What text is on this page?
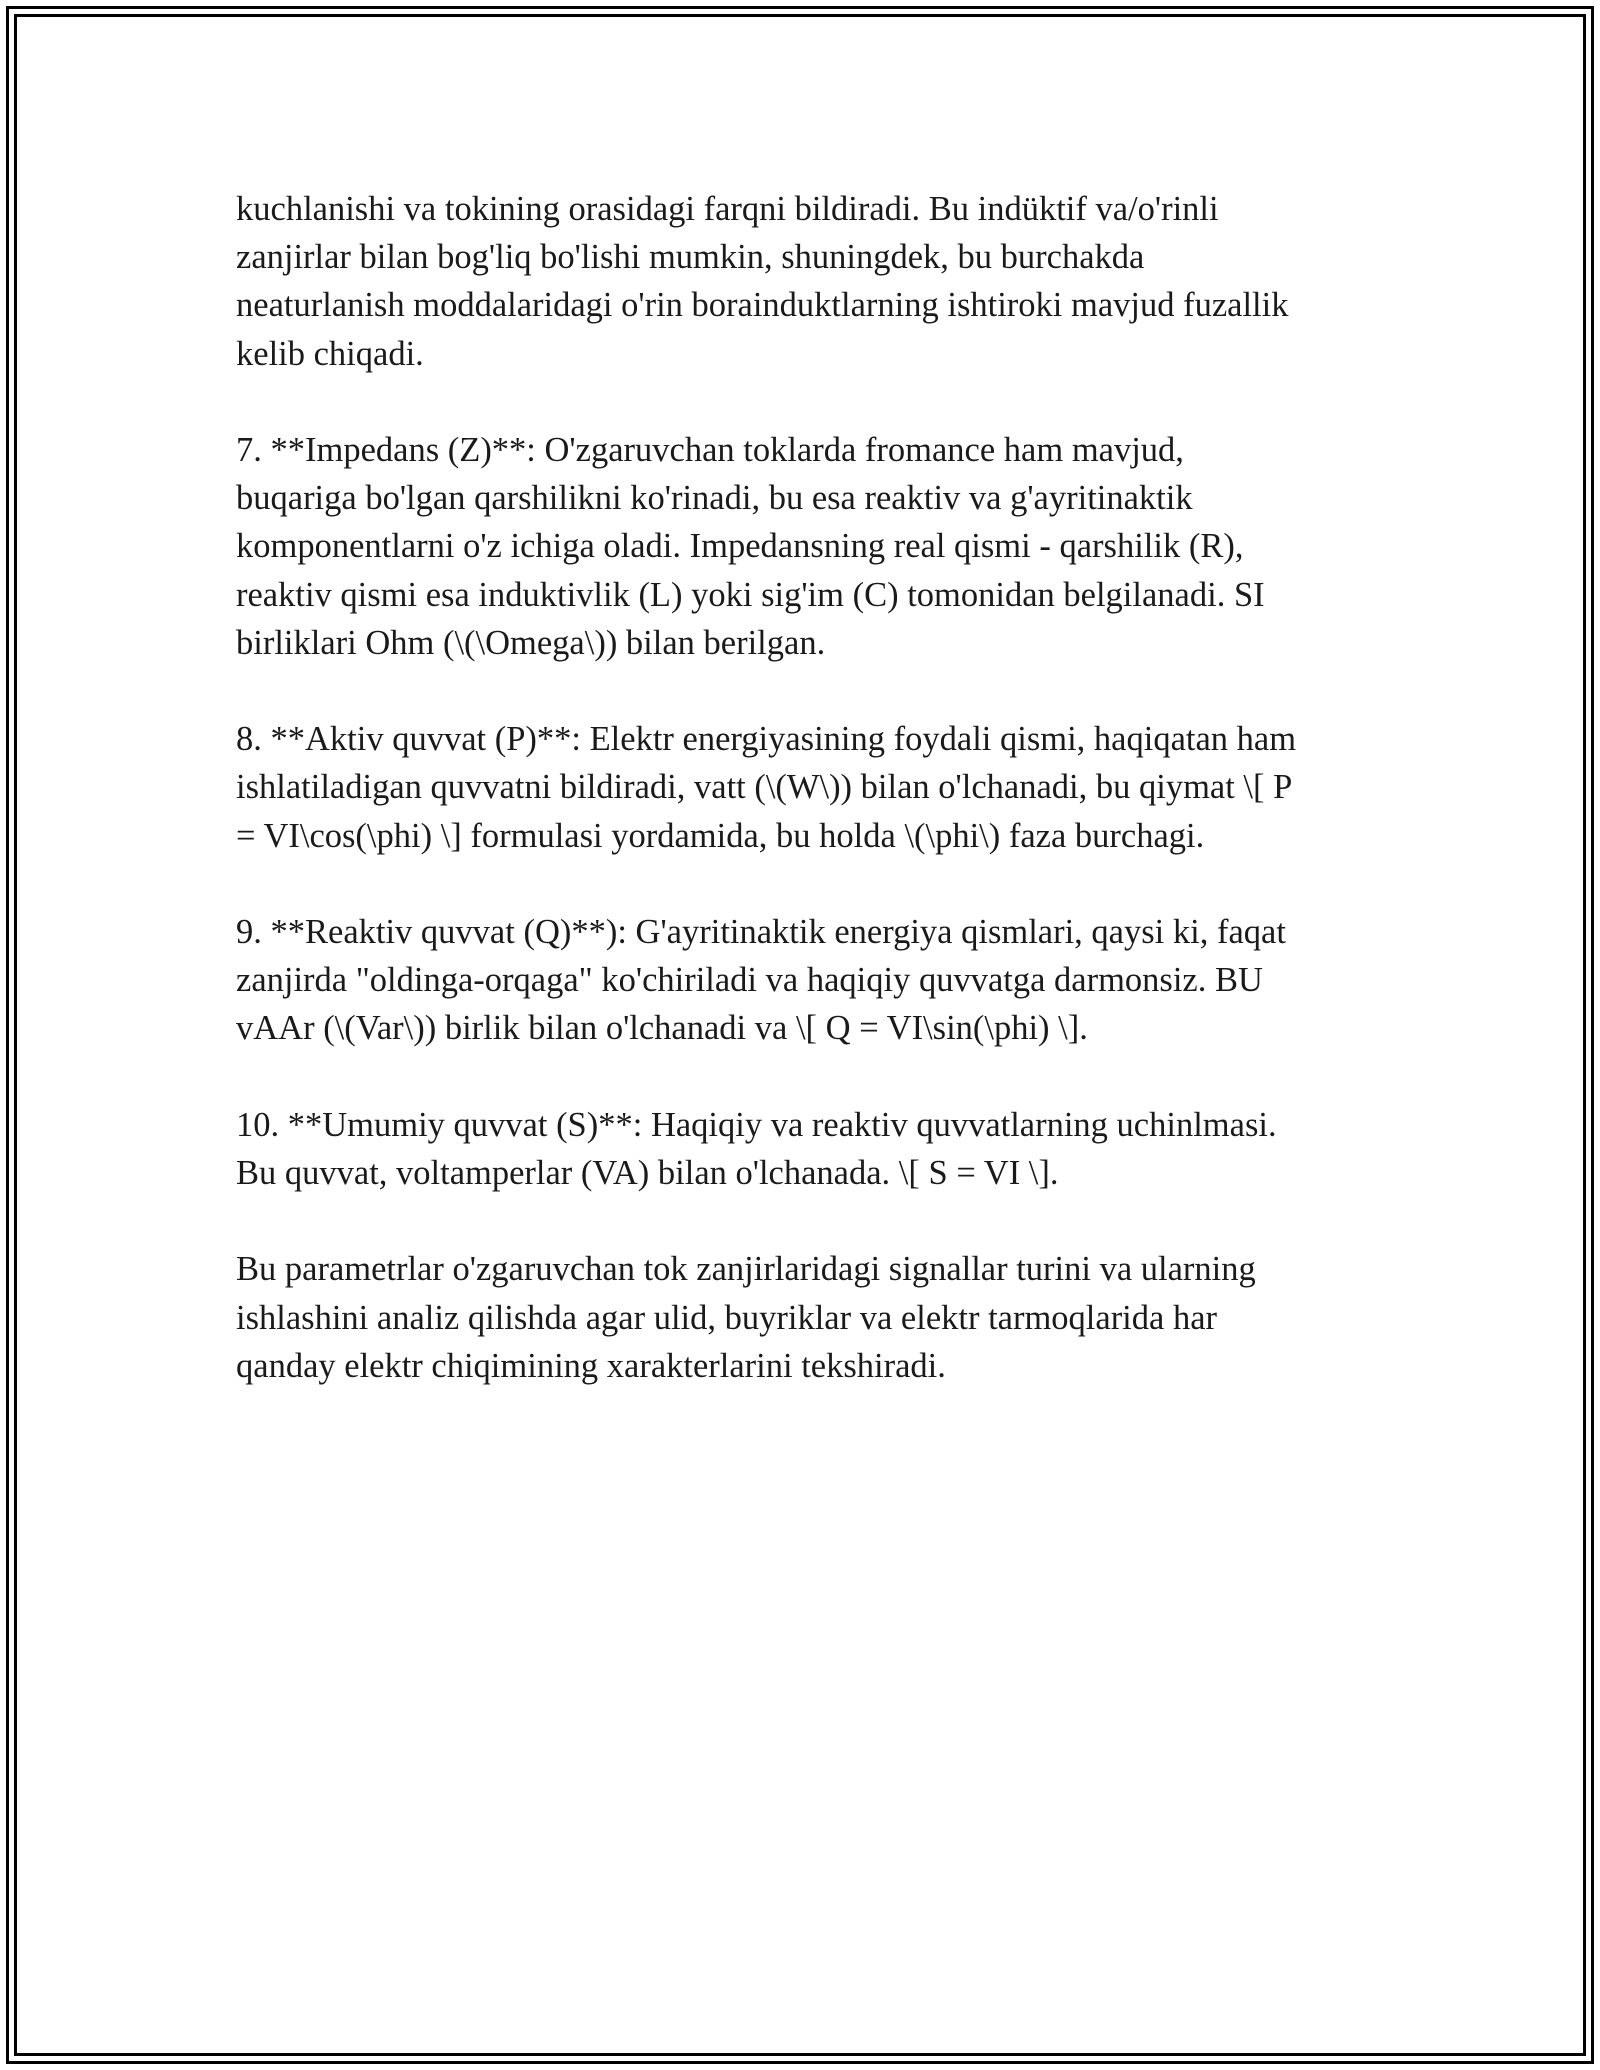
kuchlanishi va tokining orasidagi farqni bildiradi. Bu indüktif va/o'rinli
zanjirlar bilan bog'liq bo'lishi mumkin, shuningdek, bu burchakda
neaturlanish moddalaridagi o'rin borainduktlarning ishtiroki mavjud fuzallik
kelib chiqadi.

7. **Impedans (Z)**: O'zgaruvchan toklarda fromance ham mavjud,
buqariga bo'lgan qarshilikni ko'rinadi, bu esa reaktiv va g'ayritinaktik
komponentlarni o'z ichiga oladi. Impedansning real qismi - qarshilik (R),
reaktiv qismi esa induktivlik (L) yoki sig'im (C) tomonidan belgilanadi. SI
birliklari Ohm (\(\Omega\)) bilan berilgan.

8. **Aktiv quvvat (P)**: Elektr energiyasining foydali qismi, haqiqatan ham
ishlatiladigan quvvatni bildiradi, vatt (\(W\)) bilan o'lchanadi, bu qiymat \[ P
= VI\cos(\phi) \] formulasi yordamida, bu holda \(\phi\) faza burchagi.

9. **Reaktiv quvvat (Q)**): G'ayritinaktik energiya qismlari, qaysi ki, faqat
zanjirda "oldinga-orqaga" ko'chiriladi va haqiqiy quvvatga darmonsiz. BU
vAAr (\(Var\)) birlik bilan o'lchanadi va \[ Q = VI\sin(\phi) \].

10. **Umumiy quvvat (S)**: Haqiqiy va reaktiv quvvatlarning uchinlmasi.
Bu quvvat, voltamperlar (VA) bilan o'lchanada. \[ S = VI \].

Bu parametrlar o'zgaruvchan tok zanjirlaridagi signallar turini va ularning
ishlashini analiz qilishda agar ulid, buyriklar va elektr tarmoqlarida har
qanday elektr chiqimining xarakterlarini tekshiradi.
